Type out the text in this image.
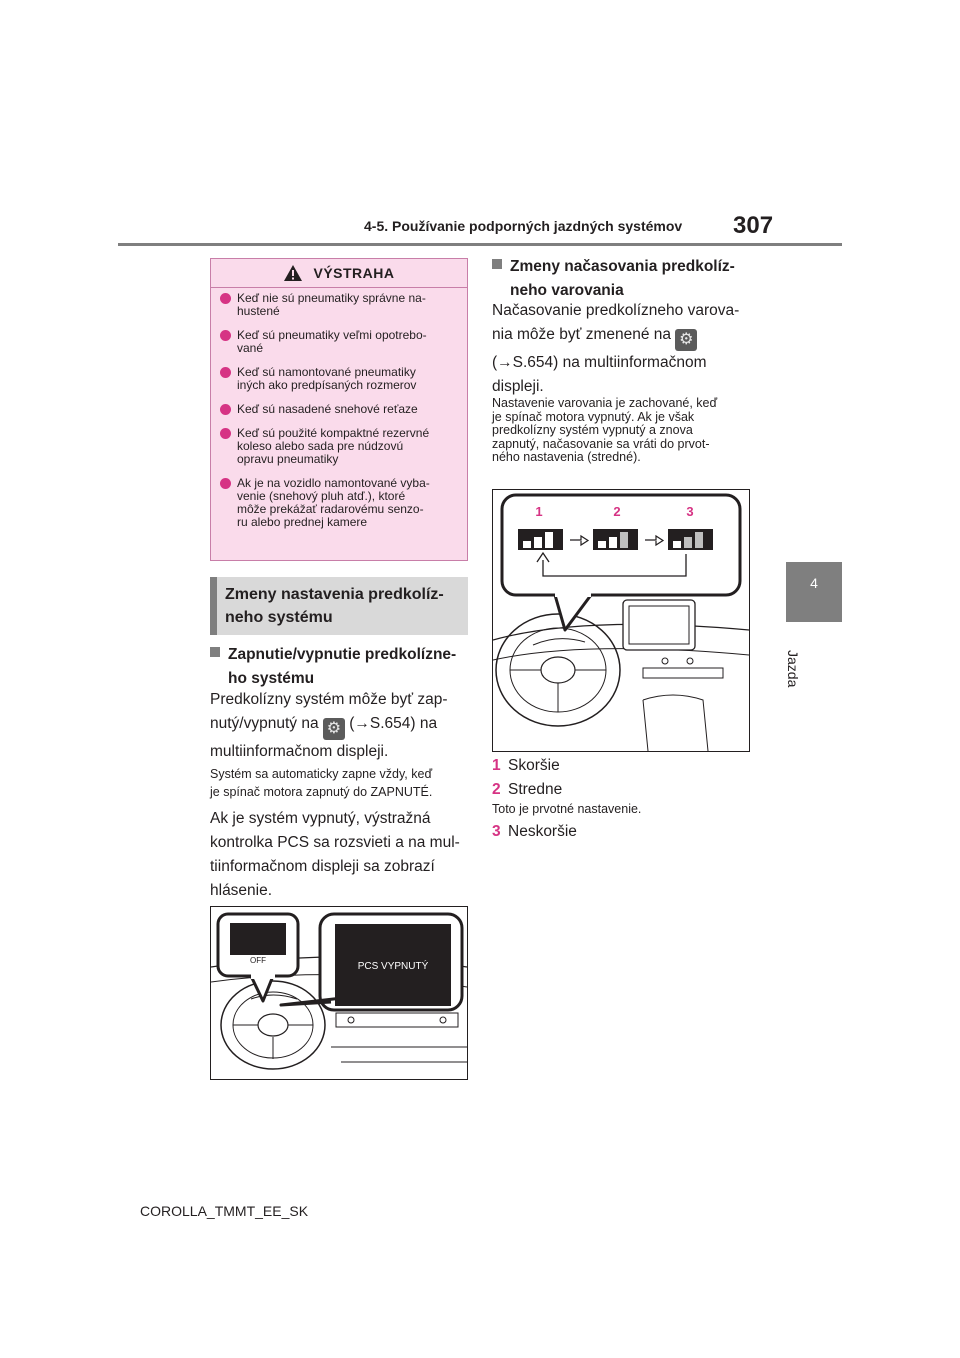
4-5. Používanie podporných jazdných systémov 307
4
Jazda
VÝSTRAHA
Keď nie sú pneumatiky správne na-
hustené
Keď sú pneumatiky veľmi opotrebo-
vané
Keď sú namontované pneumatiky
iných ako predpísaných rozmerov
Keď sú nasadené snehové reťaze
Keď sú použité kompaktné rezervné
koleso alebo sada pre núdzovú
opravu pneumatiky
Ak je na vozidlo namontované vyba-
venie (snehový pluh atď.), ktoré
môže prekážať radarovému senzo-
ru alebo prednej kamere
Zmeny nastavenia predkolíz-
neho systému
Zapnutie/vypnutie predkolízne-
ho systému
Predkolízny systém môže byť zap-
nutý/vypnutý na ⚙ (→S.654) na
multiinformačnom displeji.
Systém sa automaticky zapne vždy, keď
je spínač motora zapnutý do ZAPNUTÉ.
Ak je systém vypnutý, výstražná
kontrolka PCS sa rozsvieti a na mul-
tiinformačnom displeji sa zobrazí
hlásenie.
OFF
PCS VYPNUTÝ
Zmeny načasovania predkolíz-
neho varovania
Načasovanie predkolízneho varova-
nia môže byť zmenené na ⚙
(→S.654) na multiinformačnom
displeji.
Nastavenie varovania je zachované, keď
je spínač motora vypnutý. Ak je však
predkolízny systém vypnutý a znova
zapnutý, načasovanie sa vráti do prvot-
ného nastavenia (stredné).
1	2	3
1 Skoršie
2 Stredne
Toto je prvotné nastavenie.
3 Neskoršie
COROLLA_TMMT_EE_SK
